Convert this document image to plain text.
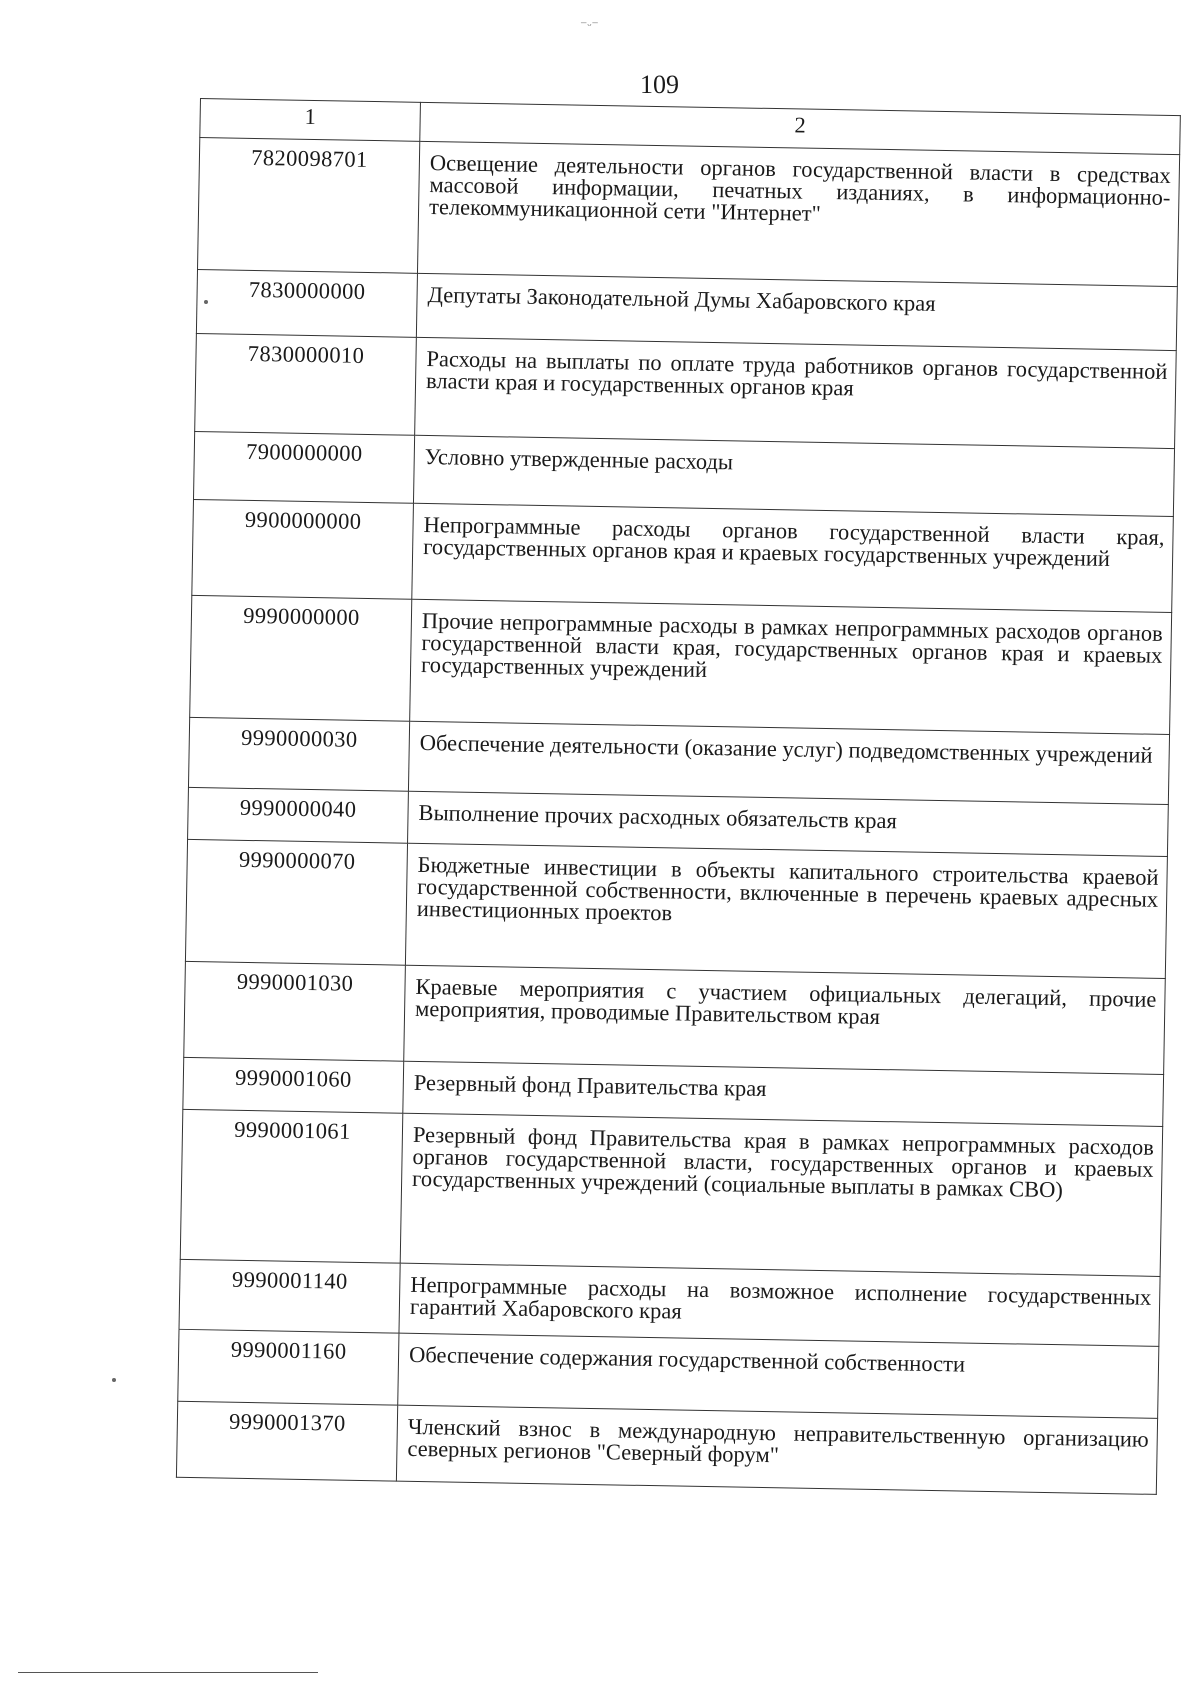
⁻ᵕ⁻
109
1	2
7820098701	Освещение деятельности органов государственной власти в средствах массовой информации, печатных изданиях, в информационно-телекоммуникационной сети "Интернет"
7830000000	Депутаты Законодательной Думы Хабаровского края
7830000010	Расходы на выплаты по оплате труда работников органов государственной власти края и государственных органов края
7900000000	Условно утвержденные расходы
9900000000	Непрограммные расходы органов государственной власти края, государственных органов края и краевых государственных учреждений
9990000000	Прочие непрограммные расходы в рамках непрограммных расходов органов государственной власти края, государственных органов края и краевых государственных учреждений
9990000030	Обеспечение деятельности (оказание услуг) подведомственных учреждений
9990000040	Выполнение прочих расходных обязательств края
9990000070	Бюджетные инвестиции в объекты капитального строительства краевой государственной собственности, включенные в перечень краевых адресных инвестиционных проектов
9990001030	Краевые мероприятия с участием официальных делегаций, прочие мероприятия, проводимые Правительством края
9990001060	Резервный фонд Правительства края
9990001061	Резервный фонд Правительства края в рамках непрограммных расходов органов государственной власти, государственных органов и краевых государственных учреждений (социальные выплаты в рамках СВО)
9990001140	Непрограммные расходы на возможное исполнение государственных гарантий Хабаровского края
9990001160	Обеспечение содержания государственной собственности
9990001370	Членский взнос в международную неправительственную организацию северных регионов "Северный форум"
